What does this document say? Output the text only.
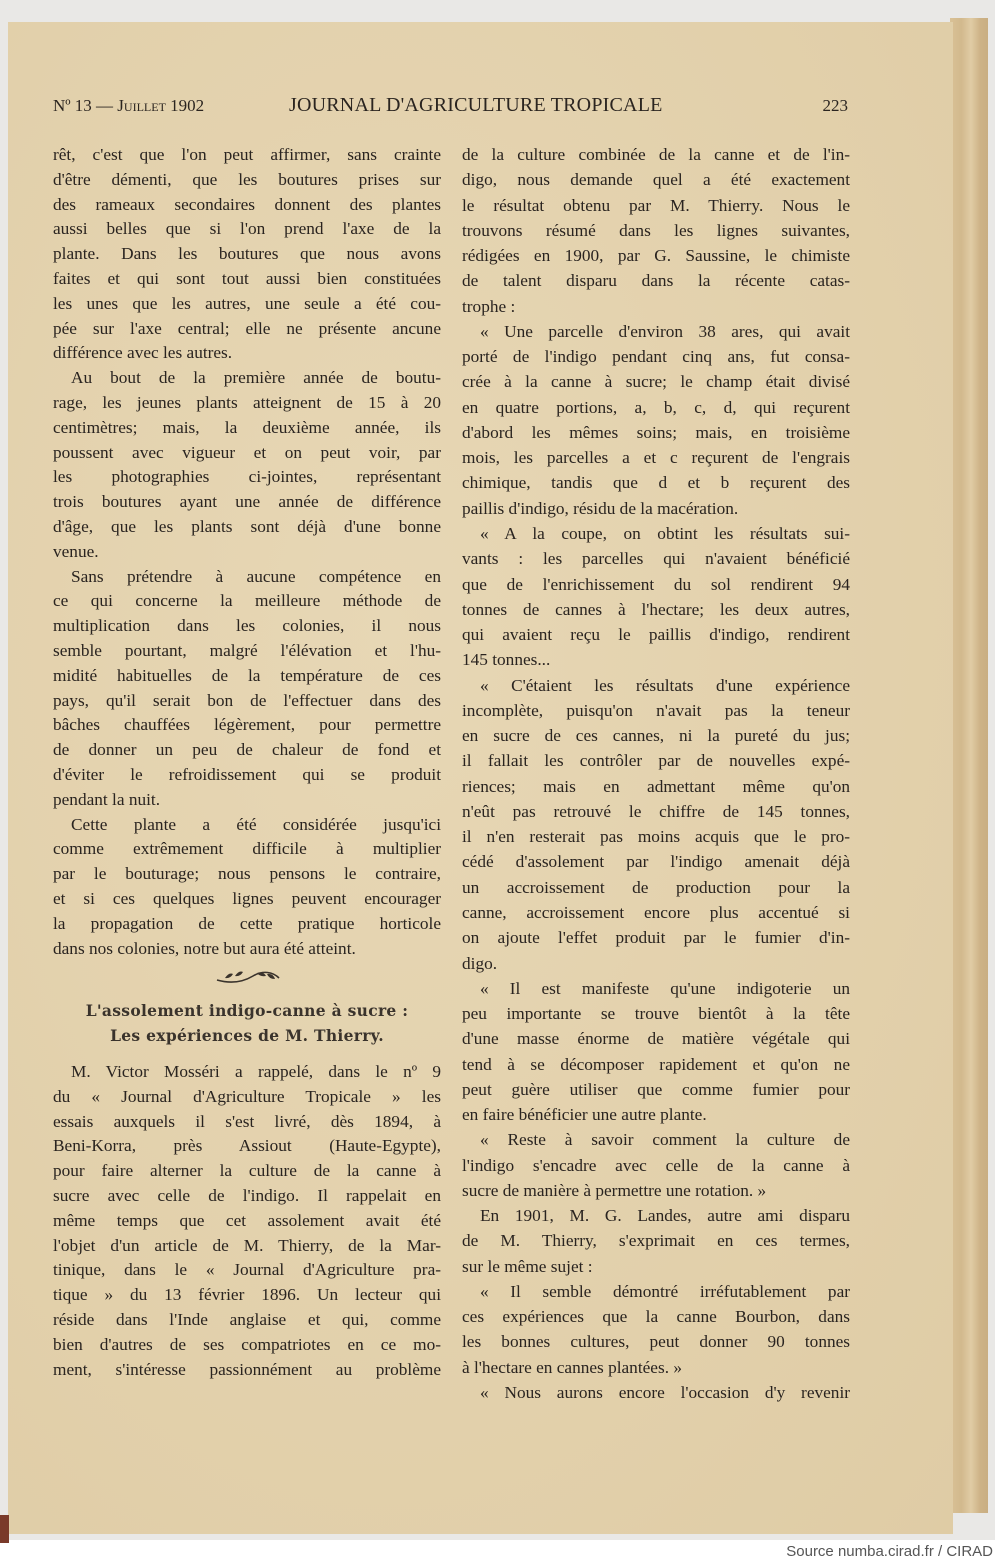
Nº 13 — Juillet 1902	JOURNAL D'AGRICULTURE TROPICALE	223
rêt, c'est que l'on peut affirmer, sans crainte
d'être démenti, que les boutures prises sur
des rameaux secondaires donnent des plantes
aussi belles que si l'on prend l'axe de la
plante. Dans les boutures que nous avons
faites et qui sont tout aussi bien constituées
les unes que les autres, une seule a été cou-
pée sur l'axe central; elle ne présente ancune
différence avec les autres.
Au bout de la première année de boutu-
rage, les jeunes plants atteignent de 15 à 20
centimètres; mais, la deuxième année, ils
poussent avec vigueur et on peut voir, par
les photographies ci-jointes, représentant
trois boutures ayant une année de différence
d'âge, que les plants sont déjà d'une bonne
venue.
Sans prétendre à aucune compétence en
ce qui concerne la meilleure méthode de
multiplication dans les colonies, il nous
semble pourtant, malgré l'élévation et l'hu-
midité habituelles de la température de ces
pays, qu'il serait bon de l'effectuer dans des
bâches chauffées légèrement, pour permettre
de donner un peu de chaleur de fond et
d'éviter le refroidissement qui se produit
pendant la nuit.
Cette plante a été considérée jusqu'ici
comme extrêmement difficile à multiplier
par le bouturage; nous pensons le contraire,
et si ces quelques lignes peuvent encourager
la propagation de cette pratique horticole
dans nos colonies, notre but aura été atteint.
L'assolement indigo-canne à sucre :
Les expériences de M. Thierry.
M. Victor Mosséri a rappelé, dans le nº 9
du « Journal d'Agriculture Tropicale » les
essais auxquels il s'est livré, dès 1894, à
Beni-Korra, près Assiout (Haute-Egypte),
pour faire alterner la culture de la canne à
sucre avec celle de l'indigo. Il rappelait en
même temps que cet assolement avait été
l'objet d'un article de M. Thierry, de la Mar-
tinique, dans le « Journal d'Agriculture pra-
tique » du 13 février 1896. Un lecteur qui
réside dans l'Inde anglaise et qui, comme
bien d'autres de ses compatriotes en ce mo-
ment, s'intéresse passionnément au problème
de la culture combinée de la canne et de l'in-
digo, nous demande quel a été exactement
le résultat obtenu par M. Thierry. Nous le
trouvons résumé dans les lignes suivantes,
rédigées en 1900, par G. Saussine, le chimiste
de talent disparu dans la récente catas-
trophe :
« Une parcelle d'environ 38 ares, qui avait
porté de l'indigo pendant cinq ans, fut consa-
crée à la canne à sucre; le champ était divisé
en quatre portions, a, b, c, d, qui reçurent
d'abord les mêmes soins; mais, en troisième
mois, les parcelles a et c reçurent de l'engrais
chimique, tandis que d et b reçurent des
paillis d'indigo, résidu de la macération.
« A la coupe, on obtint les résultats sui-
vants : les parcelles qui n'avaient bénéficié
que de l'enrichissement du sol rendirent 94
tonnes de cannes à l'hectare; les deux autres,
qui avaient reçu le paillis d'indigo, rendirent
145 tonnes...
« C'étaient les résultats d'une expérience
incomplète, puisqu'on n'avait pas la teneur
en sucre de ces cannes, ni la pureté du jus;
il fallait les contrôler par de nouvelles expé-
riences; mais en admettant même qu'on
n'eût pas retrouvé le chiffre de 145 tonnes,
il n'en resterait pas moins acquis que le pro-
cédé d'assolement par l'indigo amenait déjà
un accroissement de production pour la
canne, accroissement encore plus accentué si
on ajoute l'effet produit par le fumier d'in-
digo.
« Il est manifeste qu'une indigoterie un
peu importante se trouve bientôt à la tête
d'une masse énorme de matière végétale qui
tend à se décomposer rapidement et qu'on ne
peut guère utiliser que comme fumier pour
en faire bénéficier une autre plante.
« Reste à savoir comment la culture de
l'indigo s'encadre avec celle de la canne à
sucre de manière à permettre une rotation. »
En 1901, M. G. Landes, autre ami disparu
de M. Thierry, s'exprimait en ces termes,
sur le même sujet :
« Il semble démontré irréfutablement par
ces expériences que la canne Bourbon, dans
les bonnes cultures, peut donner 90 tonnes
à l'hectare en cannes plantées. »
« Nous aurons encore l'occasion d'y revenir
Source numba.cirad.fr / CIRAD
